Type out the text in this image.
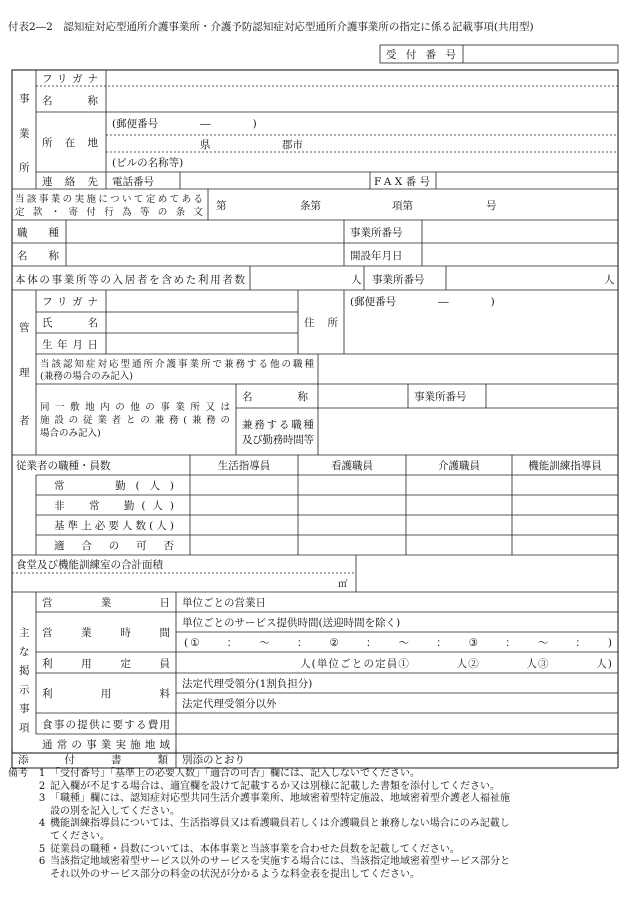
付表2―2　認知症対応型通所介護事業所・介護予防認知症対応型通所介護事業所の指定に係る記載事項(共用型)
受付番号
事
業
所
フリガナ
名　　称
所在地
(郵便番号　　　　―　　　　)
県	郡市
(ビルの名称等)
連絡先 電話番号	FAX番号
当該事業の実施について定めてある
定款・寄付行為等の条文
第	条第	項第	号
職　種	事業所番号
名　称	開設年月日
本体の事業所等の入居者を含めた利用者数	人 事業所番号	人
管
理
者
フリガナ
氏　名
生年月日
住　所
(郵便番号　　　　―　　　　)
当該認知症対応型通所介護事業所で兼務する他の職種
(兼務の場合のみ記入)
同一敷地内の他の事業所又は
施設の従業者との兼務(兼務の
場合のみ記入)
名　　称	事業所番号
兼務する職種
及び勤務時間等
従業者の職種・員数	生活指導員	看護職員	介護職員	機能訓練指導員
常　　勤(人)
非　常　勤(人)
基準上必要人数(人)
適　合　の　可　否
食堂及び機能訓練室の合計面積
㎡
主
な
掲
示
事
項
営　業　日 単位ごとの営業日
営業時間
単位ごとのサービス提供時間(送迎時間を除く)
(①　　：　　～　　：　　②　　：　　～　　：　　③　　：　　～　　：　　)
利　用　定　員	人(単位ごとの定員①　　　　人②　　　　人③　　　　人)
利　用　料
法定代理受領分(1割負担分)
法定代理受領分以外
食事の提供に要する費用
通常の事業実施地域
添　付　書　類 別添のとおり
備考	1 「受付番号」「基準上の必要人数」「適合の可否」欄には、記入しないでください。
2 記入欄が不足する場合は、適宜欄を設けて記載するか又は別様に記載した書類を添付してください。
3 「職種」欄には、認知症対応型共同生活介護事業所、地域密着型特定施設、地域密着型介護老人福祉施
設の別を記入してください。
4 機能訓練指導員については、生活指導員又は看護職員若しくは介護職員と兼務しない場合にのみ記載し
てください。
5 従業員の職種・員数については、本体事業と当該事業を合わせた員数を記載してください。
6 当該指定地域密着型サービス以外のサービスを実施する場合には、当該指定地域密着型サービス部分と
それ以外のサービス部分の料金の状況が分かるような料金表を提出してください。
